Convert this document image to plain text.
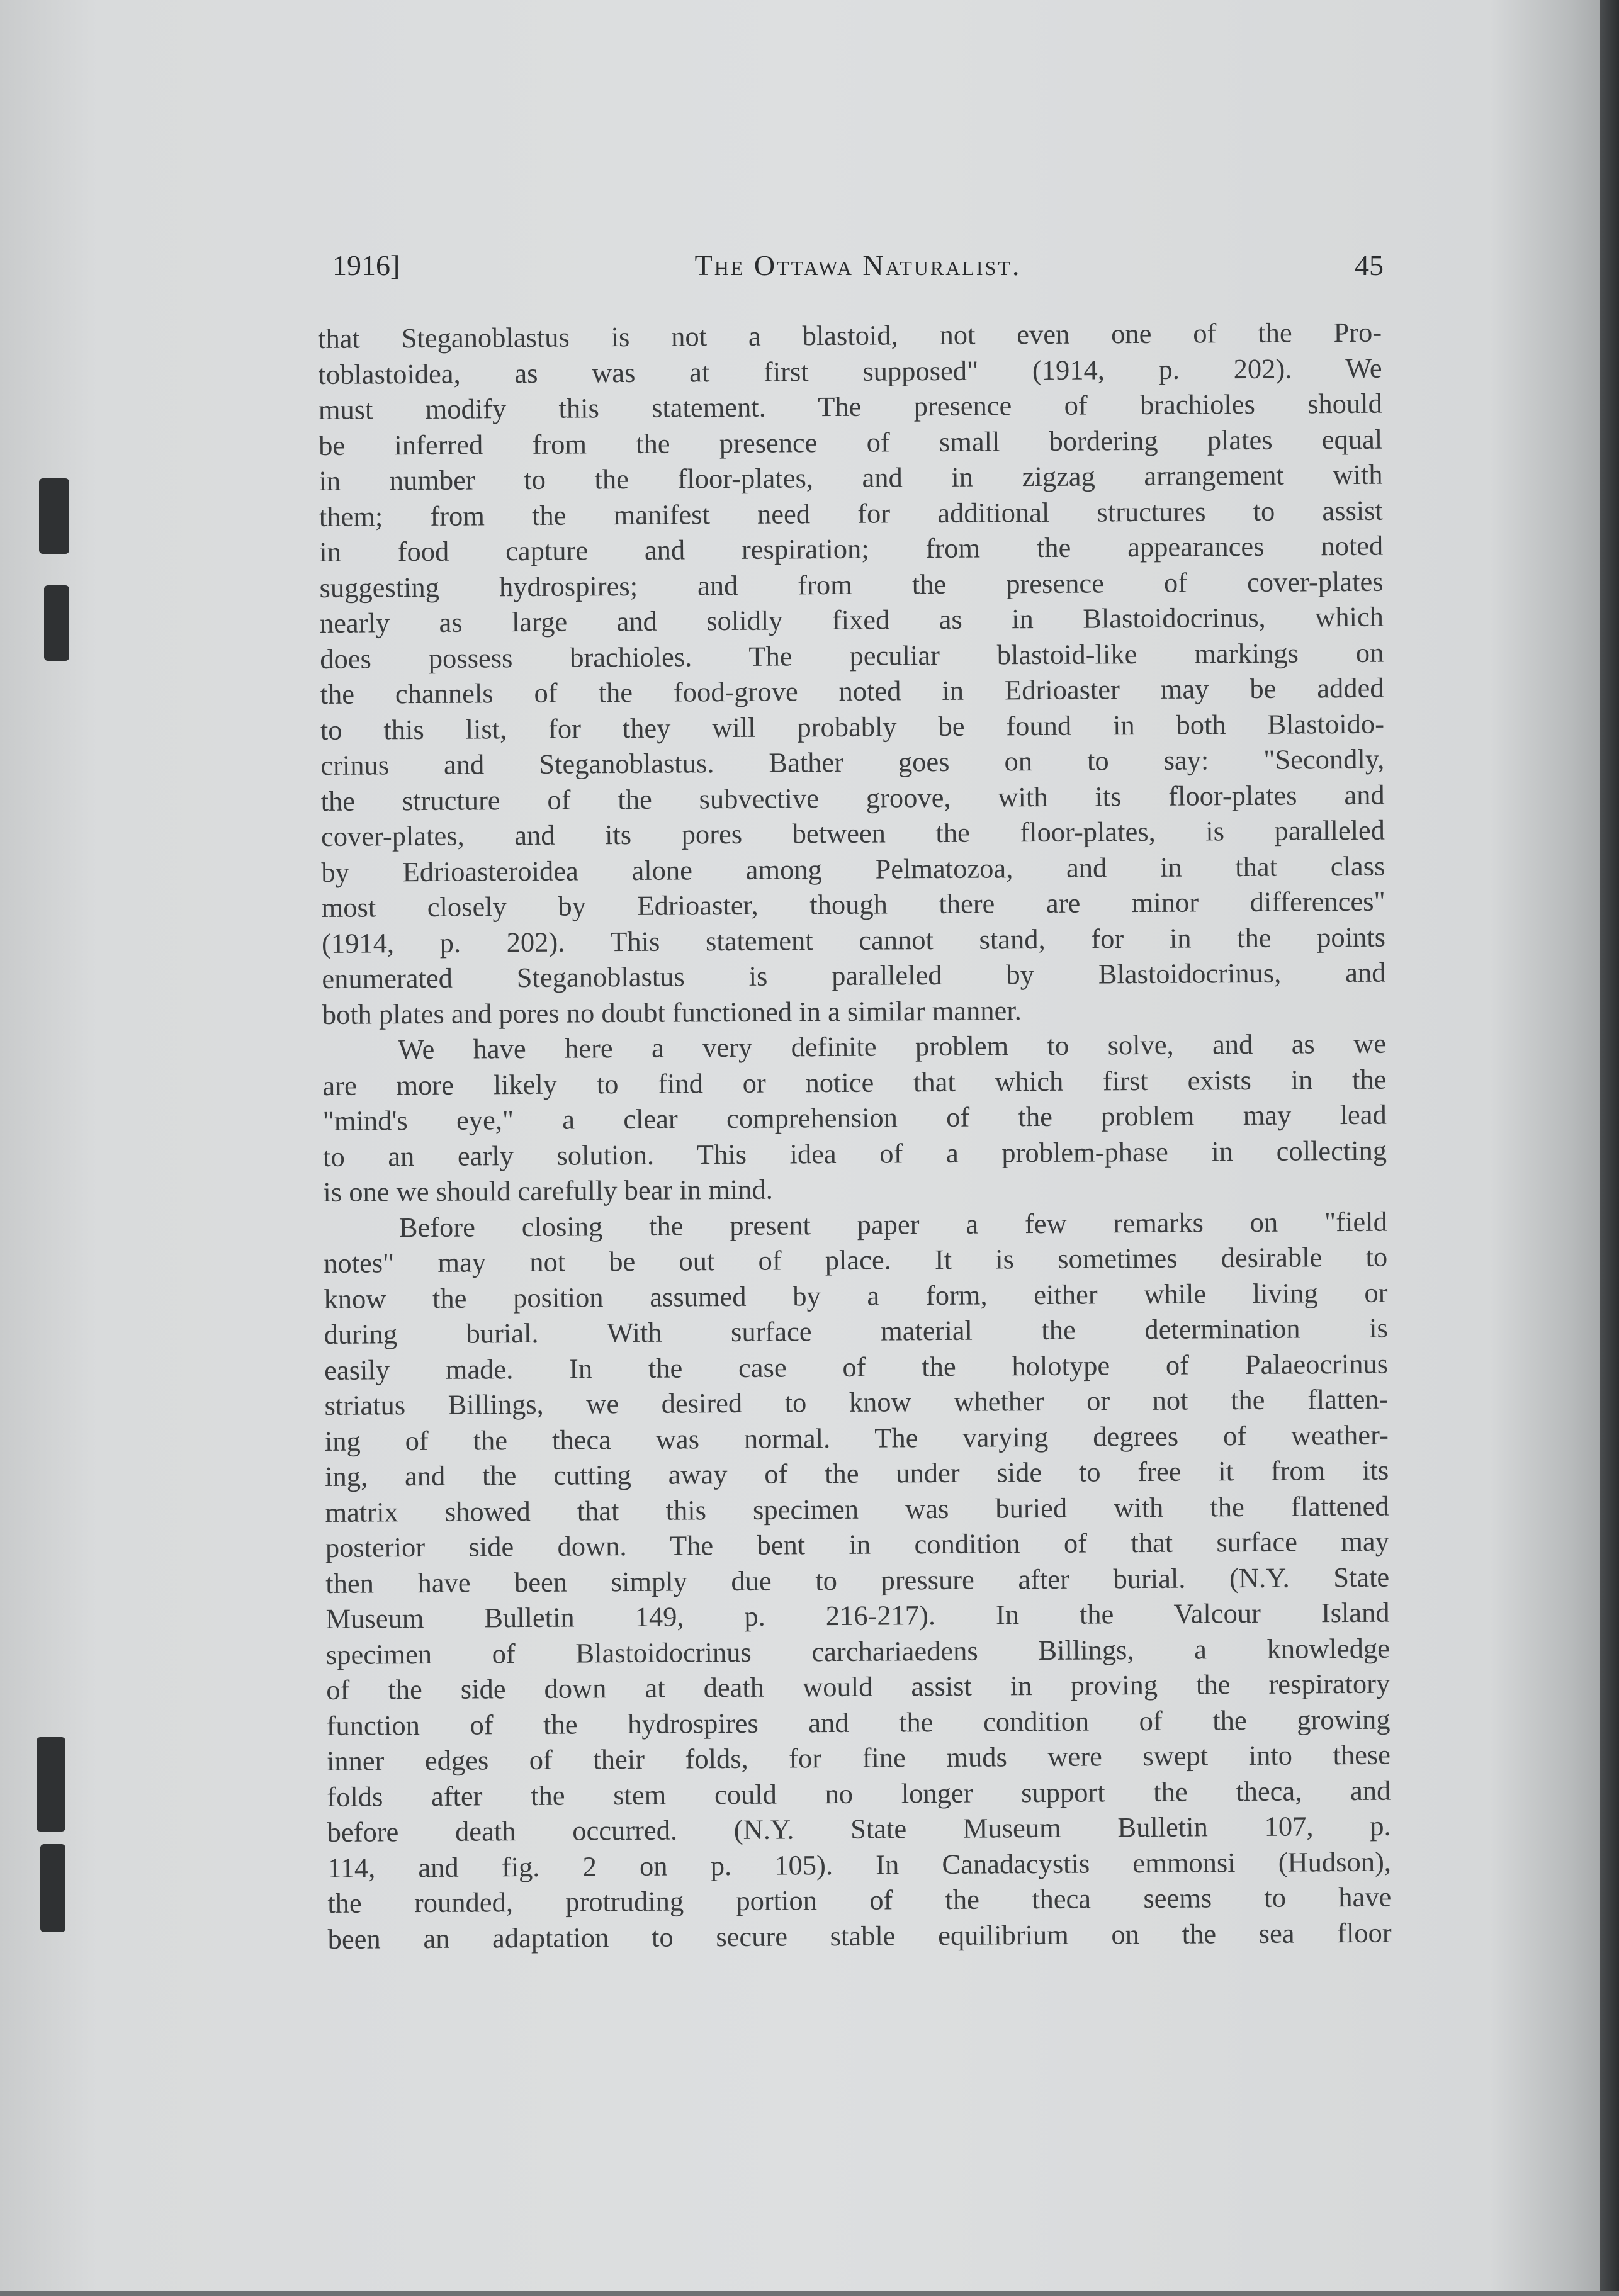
1916]	The Ottawa Naturalist.	45
that Steganoblastus is not a blastoid, not even one of the Pro-
toblastoidea, as was at first supposed" (1914, p. 202). We
must modify this statement. The presence of brachioles should
be inferred from the presence of small bordering plates equal
in number to the floor-plates, and in zigzag arrangement with
them; from the manifest need for additional structures to assist
in food capture and respiration; from the appearances noted
suggesting hydrospires; and from the presence of cover-plates
nearly as large and solidly fixed as in Blastoidocrinus, which
does possess brachioles. The peculiar blastoid-like markings on
the channels of the food-grove noted in Edrioaster may be added
to this list, for they will probably be found in both Blastoido-
crinus and Steganoblastus. Bather goes on to say: "Secondly,
the structure of the subvective groove, with its floor-plates and
cover-plates, and its pores between the floor-plates, is paralleled
by Edrioasteroidea alone among Pelmatozoa, and in that class
most closely by Edrioaster, though there are minor differences"
(1914, p. 202). This statement cannot stand, for in the points
enumerated Steganoblastus is paralleled by Blastoidocrinus, and
both plates and pores no doubt functioned in a similar manner.
We have here a very definite problem to solve, and as we
are more likely to find or notice that which first exists in the
"mind's eye," a clear comprehension of the problem may lead
to an early solution. This idea of a problem-phase in collecting
is one we should carefully bear in mind.
Before closing the present paper a few remarks on "field
notes" may not be out of place. It is sometimes desirable to
know the position assumed by a form, either while living or
during burial. With surface material the determination is
easily made. In the case of the holotype of Palaeocrinus
striatus Billings, we desired to know whether or not the flatten-
ing of the theca was normal. The varying degrees of weather-
ing, and the cutting away of the under side to free it from its
matrix showed that this specimen was buried with the flattened
posterior side down. The bent in condition of that surface may
then have been simply due to pressure after burial. (N.Y. State
Museum Bulletin 149, p. 216-217). In the Valcour Island
specimen of Blastoidocrinus carchariaedens Billings, a knowledge
of the side down at death would assist in proving the respiratory
function of the hydrospires and the condition of the growing
inner edges of their folds, for fine muds were swept into these
folds after the stem could no longer support the theca, and
before death occurred. (N.Y. State Museum Bulletin 107, p.
114, and fig. 2 on p. 105). In Canadacystis emmonsi (Hudson),
the rounded, protruding portion of the theca seems to have
been an adaptation to secure stable equilibrium on the sea floor
